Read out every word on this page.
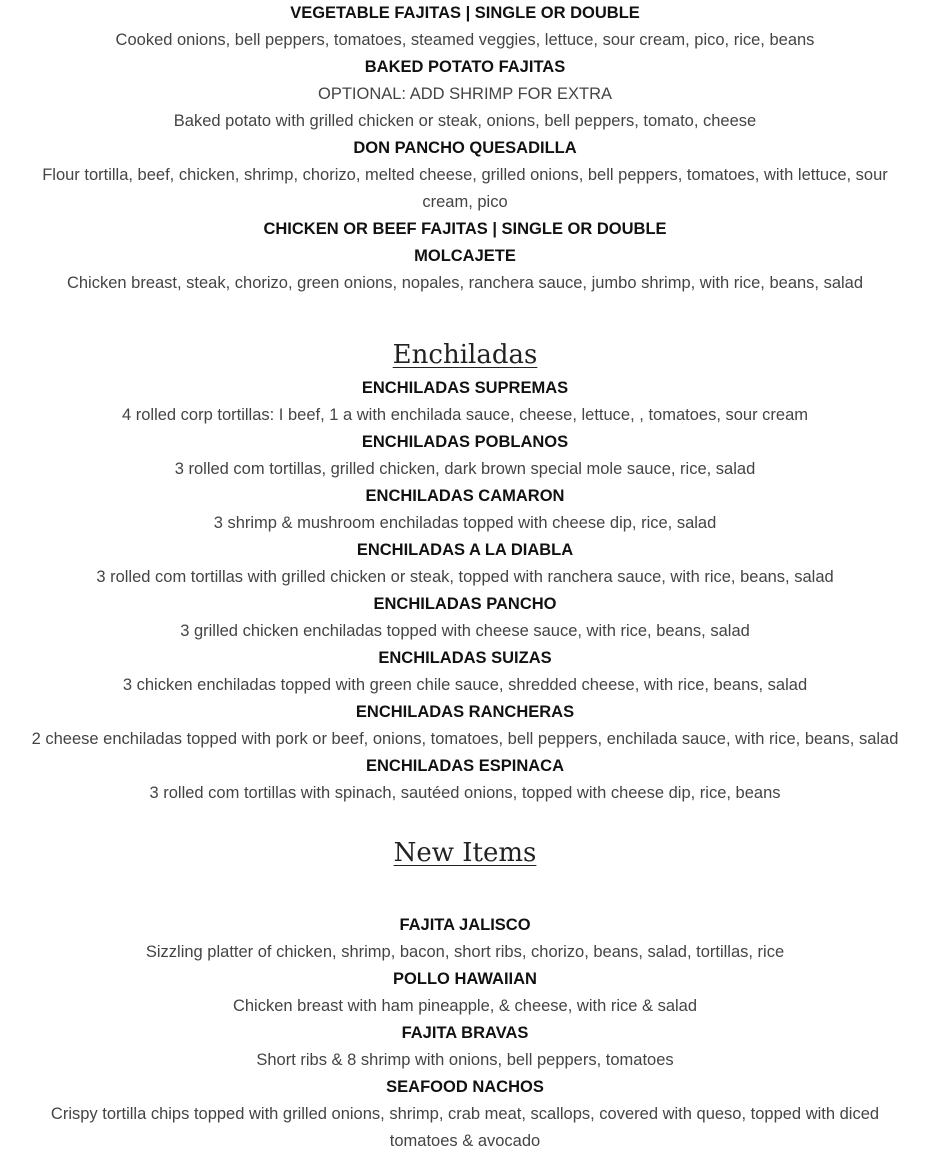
VEGETABLE FAJITAS | SINGLE OR DOUBLE
Cooked onions, bell peppers, tomatoes, steamed veggies, lettuce, sour cream, pico, rice, beans
BAKED POTATO FAJITAS
OPTIONAL: ADD SHRIMP FOR EXTRA
Baked potato with grilled chicken or steak, onions, bell peppers, tomato, cheese
DON PANCHO QUESADILLA
Flour tortilla, beef, chicken, shrimp, chorizo, melted cheese, grilled onions, bell peppers, tomatoes, with lettuce, sour
cream, pico
CHICKEN OR BEEF FAJITAS | SINGLE OR DOUBLE
MOLCAJETE
Chicken breast, steak, chorizo, green onions, nopales, ranchera sauce, jumbo shrimp, with rice, beans, salad
Enchiladas
ENCHILADAS SUPREMAS
4 rolled corp tortillas: I beef, 1 a with enchilada sauce, cheese, lettuce, , tomatoes, sour cream
ENCHILADAS POBLANOS
3 rolled com tortillas, grilled chicken, dark brown special mole sauce, rice, salad
ENCHILADAS CAMARON
3 shrimp & mushroom enchiladas topped with cheese dip, rice, salad
ENCHILADAS A LA DIABLA
3 rolled com tortillas with grilled chicken or steak, topped with ranchera sauce, with rice, beans, salad
ENCHILADAS PANCHO
3 grilled chicken enchiladas topped with cheese sauce, with rice, beans, salad
ENCHILADAS SUIZAS
3 chicken enchiladas topped with green chile sauce, shredded cheese, with rice, beans, salad
ENCHILADAS RANCHERAS
2 cheese enchiladas topped with pork or beef, onions, tomatoes, bell peppers, enchilada sauce, with rice, beans, salad
ENCHILADAS ESPINACA
3 rolled com tortillas with spinach, sautéed onions, topped with cheese dip, rice, beans
New Items
FAJITA JALISCO
Sizzling platter of chicken, shrimp, bacon, short ribs, chorizo, beans, salad, tortillas, rice
POLLO HAWAIIAN
Chicken breast with ham pineapple, & cheese, with rice & salad
FAJITA BRAVAS
Short ribs & 8 shrimp with onions, bell peppers, tomatoes
SEAFOOD NACHOS
Crispy tortilla chips topped with grilled onions, shrimp, crab meat, scallops, covered with queso, topped with diced
tomatoes & avocado
